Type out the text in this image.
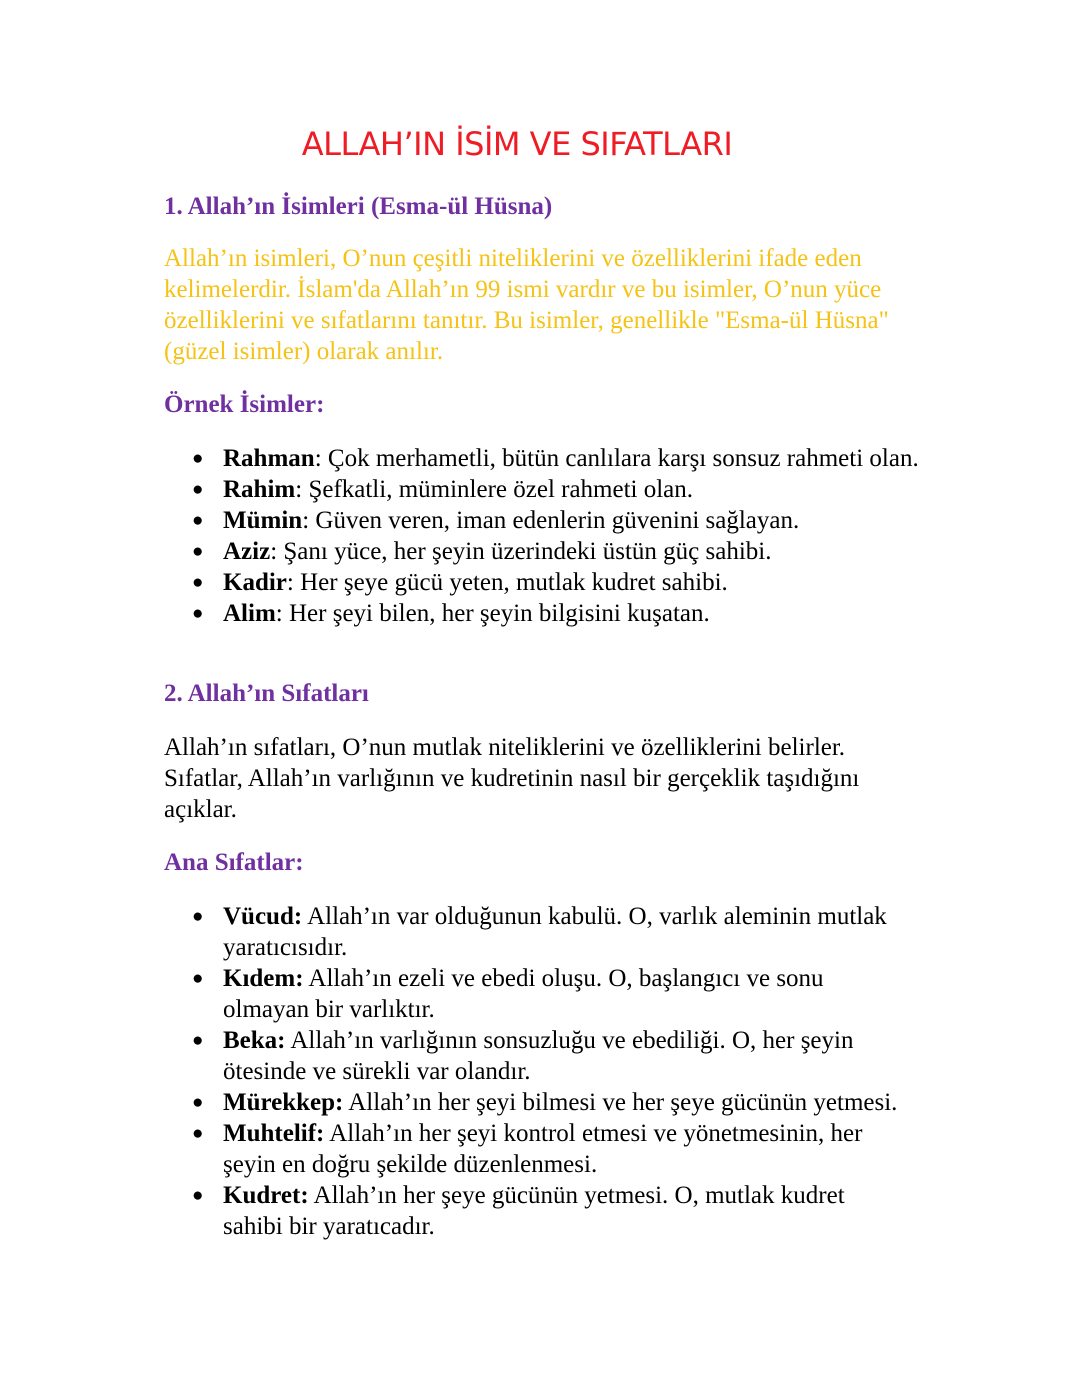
ALLAH’IN İSİM VE SIFATLARI
1. Allah’ın İsimleri (Esma-ül Hüsna)

Allah’ın isimleri, O’nun çeşitli niteliklerini ve özelliklerini ifade eden kelimelerdir. İslam'da Allah’ın 99 ismi vardır ve bu isimler, O’nun yüce özelliklerini ve sıfatlarını tanıtır. Bu isimler, genellikle "Esma-ül Hüsna" (güzel isimler) olarak anılır.

Örnek İsimler:
● Rahman: Çok merhametli, bütün canlılara karşı sonsuz rahmeti olan.
● Rahim: Şefkatli, müminlere özel rahmeti olan.
● Mümin: Güven veren, iman edenlerin güvenini sağlayan.
● Aziz: Şanı yüce, her şeyin üzerindeki üstün güç sahibi.
● Kadir: Her şeye gücü yeten, mutlak kudret sahibi.
● Alim: Her şeyi bilen, her şeyin bilgisini kuşatan.
2. Allah’ın Sıfatları

Allah’ın sıfatları, O’nun mutlak niteliklerini ve özelliklerini belirler. Sıfatlar, Allah’ın varlığının ve kudretinin nasıl bir gerçeklik taşıdığını açıklar.

Ana Sıfatlar:
● Vücud: Allah’ın var olduğunun kabulü. O, varlık aleminin mutlak yaratıcısıdır.
● Kıdem: Allah’ın ezeli ve ebedi oluşu. O, başlangıcı ve sonu olmayan bir varlıktır.
● Beka: Allah’ın varlığının sonsuzluğu ve ebediliği. O, her şeyin ötesinde ve sürekli var olandır.
● Mürekkep: Allah’ın her şeyi bilmesi ve her şeye gücünün yetmesi.
● Muhtelif: Allah’ın her şeyi kontrol etmesi ve yönetmesinin, her şeyin en doğru şekilde düzenlenmesi.
● Kudret: Allah’ın her şeye gücünün yetmesi. O, mutlak kudret sahibi bir yaratıcadır.
